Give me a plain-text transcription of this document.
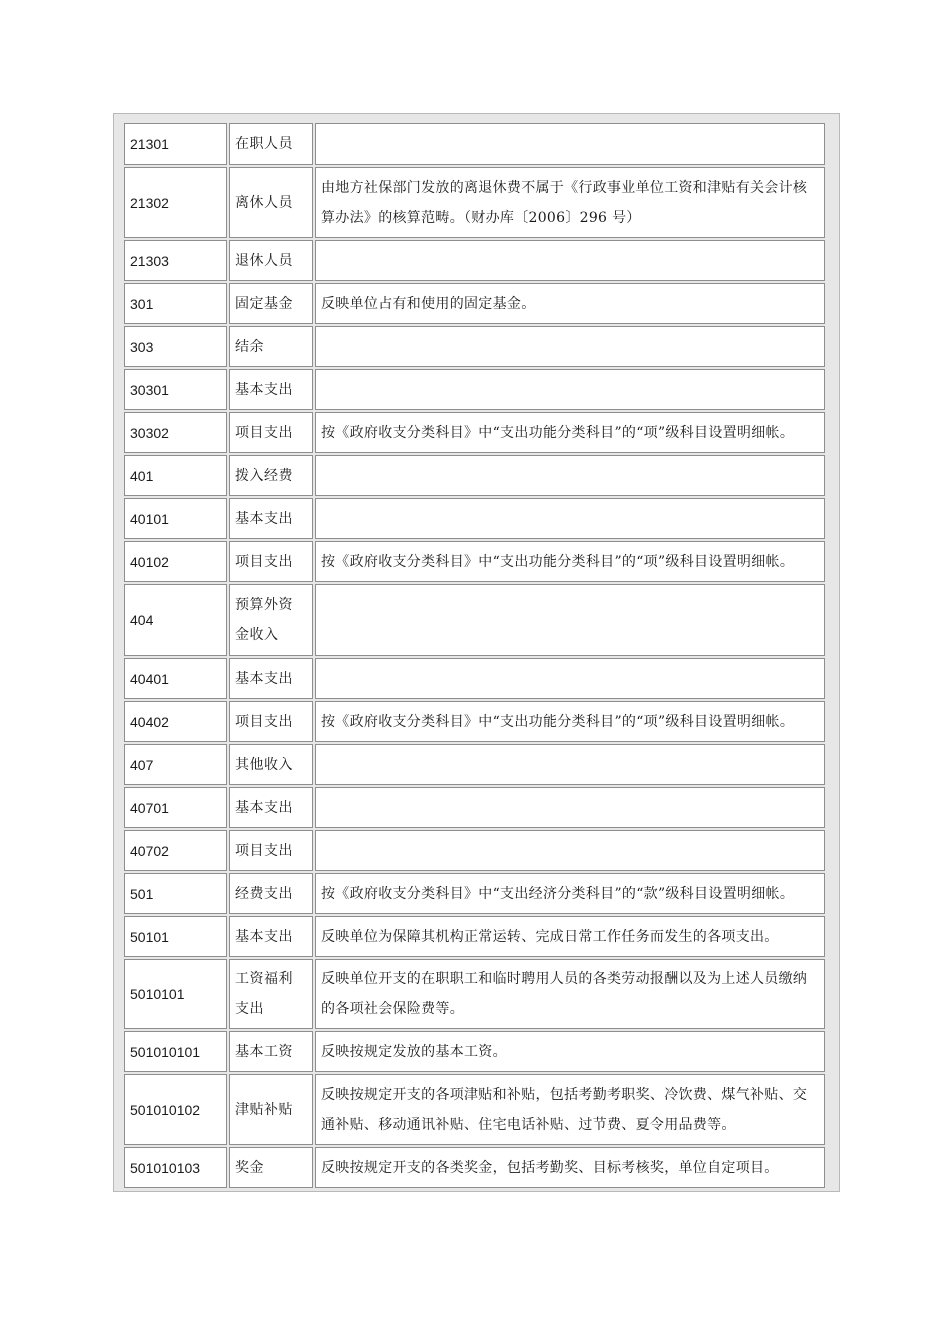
21301	在职人员	
21302	离休人员	由地方社保部门发放的离退休费不属于《行政事业单位工资和津贴有关会计核算办法》的核算范畴。（财办库〔2006〕296 号）
21303	退休人员	
301	固定基金	反映单位占有和使用的固定基金。
303	结余	
30301	基本支出	
30302	项目支出	按《政府收支分类科目》中“支出功能分类科目”的“项”级科目设置明细帐。
401	拨入经费	
40101	基本支出	
40102	项目支出	按《政府收支分类科目》中“支出功能分类科目”的“项”级科目设置明细帐。
404	预算外资金收入	
40401	基本支出	
40402	项目支出	按《政府收支分类科目》中“支出功能分类科目”的“项”级科目设置明细帐。
407	其他收入	
40701	基本支出	
40702	项目支出	
501	经费支出	按《政府收支分类科目》中“支出经济分类科目”的“款”级科目设置明细帐。
50101	基本支出	反映单位为保障其机构正常运转、完成日常工作任务而发生的各项支出。
5010101	工资福利支出	反映单位开支的在职职工和临时聘用人员的各类劳动报酬以及为上述人员缴纳的各项社会保险费等。
501010101	基本工资	反映按规定发放的基本工资。
501010102	津贴补贴	反映按规定开支的各项津贴和补贴，包括考勤考职奖、冷饮费、煤气补贴、交通补贴、移动通讯补贴、住宅电话补贴、过节费、夏令用品费等。
501010103	奖金	反映按规定开支的各类奖金，包括考勤奖、目标考核奖，单位自定项目。
